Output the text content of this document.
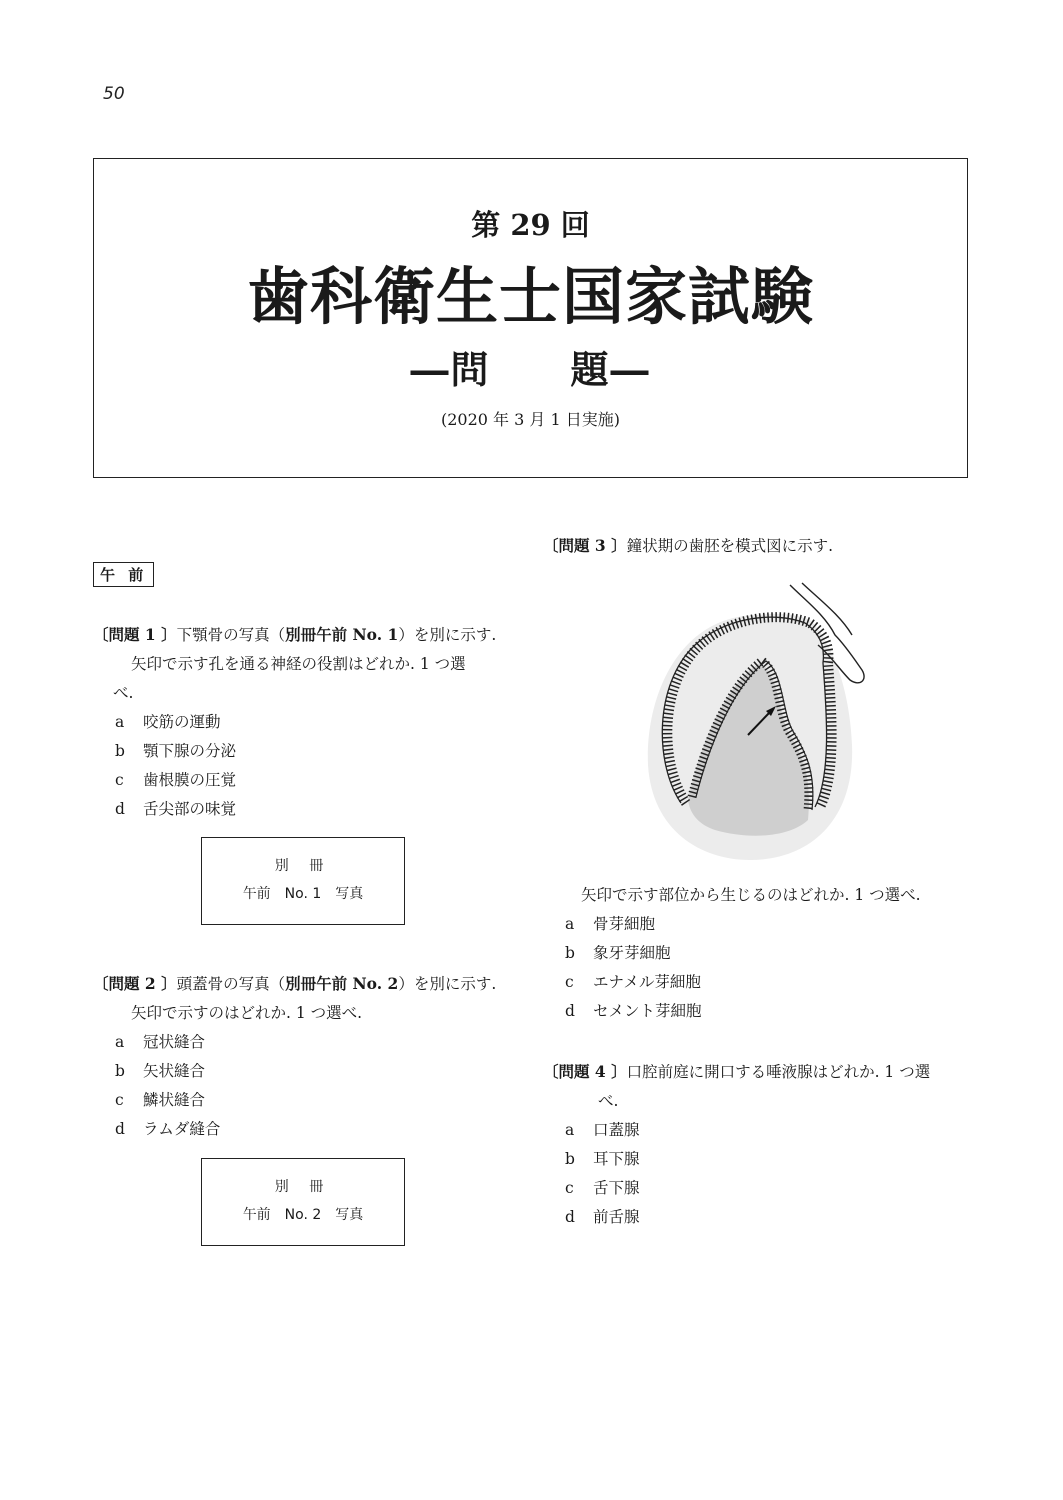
50
第 29 回
歯科衛生士国家試験
―問　　題―
(2020 年 3 月 1 日実施)
午 前
〔問題 1 〕下顎骨の写真（別冊午前 No. 1）を別に示す.
矢印で示す孔を通る神経の役割はどれか. 1 つ選
べ.
a	咬筋の運動
b	顎下腺の分泌
c	歯根膜の圧覚
d	舌尖部の味覚
別 冊
午前　No. 1　写真
〔問題 2 〕頭蓋骨の写真（別冊午前 No. 2）を別に示す.
矢印で示すのはどれか. 1 つ選べ.
a	冠状縫合
b	矢状縫合
c	鱗状縫合
d	ラムダ縫合
別 冊
午前　No. 2　写真
〔問題 3 〕鐘状期の歯胚を模式図に示す.
矢印で示す部位から生じるのはどれか. 1 つ選べ.
a	骨芽細胞
b	象牙芽細胞
c	エナメル芽細胞
d	セメント芽細胞
〔問題 4 〕口腔前庭に開口する唾液腺はどれか. 1 つ選
べ.
a	口蓋腺
b	耳下腺
c	舌下腺
d	前舌腺
